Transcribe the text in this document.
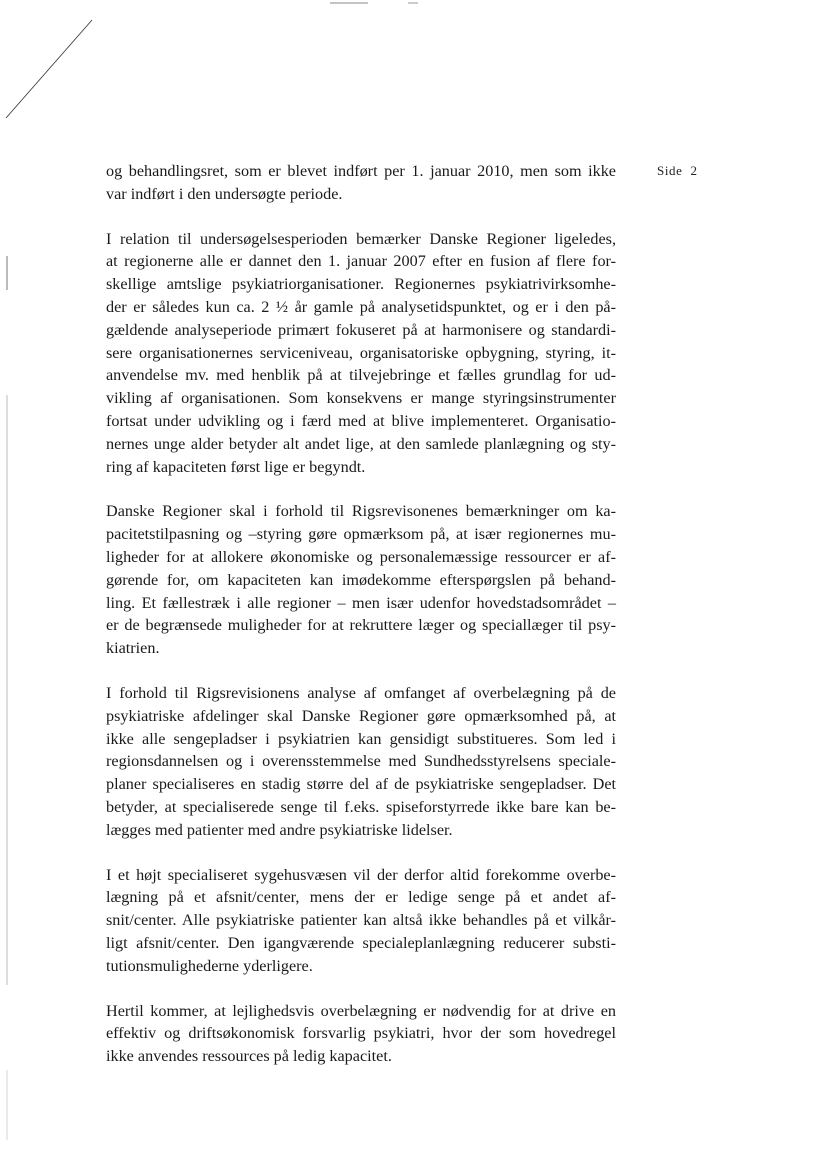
Side 2

og behandlingsret, som er blevet indført per 1. januar 2010, men som ikke
var indført i den undersøgte periode.

I relation til undersøgelsesperioden bemærker Danske Regioner ligeledes,
at regionerne alle er dannet den 1. januar 2007 efter en fusion af flere for-
skellige amtslige psykiatriorganisationer. Regionernes psykiatrivirksomhe-
der er således kun ca. 2 ½ år gamle på analysetidspunktet, og er i den på-
gældende analyseperiode primært fokuseret på at harmonisere og standardi-
sere organisationernes serviceniveau, organisatoriske opbygning, styring, it-
anvendelse mv. med henblik på at tilvejebringe et fælles grundlag for ud-
vikling af organisationen. Som konsekvens er mange styringsinstrumenter
fortsat under udvikling og i færd med at blive implementeret. Organisatio-
nernes unge alder betyder alt andet lige, at den samlede planlægning og sty-
ring af kapaciteten først lige er begyndt.

Danske Regioner skal i forhold til Rigsrevisonenes bemærkninger om ka-
pacitetstilpasning og –styring gøre opmærksom på, at især regionernes mu-
ligheder for at allokere økonomiske og personalemæssige ressourcer er af-
gørende for, om kapaciteten kan imødekomme efterspørgslen på behand-
ling. Et fællestræk i alle regioner – men især udenfor hovedstadsområdet –
er de begrænsede muligheder for at rekruttere læger og speciallæger til psy-
kiatrien.

I forhold til Rigsrevisionens analyse af omfanget af overbelægning på de
psykiatriske afdelinger skal Danske Regioner gøre opmærksomhed på, at
ikke alle sengepladser i psykiatrien kan gensidigt substitueres. Som led i
regionsdannelsen og i overensstemmelse med Sundhedsstyrelsens speciale-
planer specialiseres en stadig større del af de psykiatriske sengepladser. Det
betyder, at specialiserede senge til f.eks. spiseforstyrrede ikke bare kan be-
lægges med patienter med andre psykiatriske lidelser.

I et højt specialiseret sygehusvæsen vil der derfor altid forekomme overbe-
lægning på et afsnit/center, mens der er ledige senge på et andet af-
snit/center. Alle psykiatriske patienter kan altså ikke behandles på et vilkår-
ligt afsnit/center. Den igangværende specialeplanlægning reducerer substi-
tutionsmulighederne yderligere.

Hertil kommer, at lejlighedsvis overbelægning er nødvendig for at drive en
effektiv og driftsøkonomisk forsvarlig psykiatri, hvor der som hovedregel
ikke anvendes ressources på ledig kapacitet.
